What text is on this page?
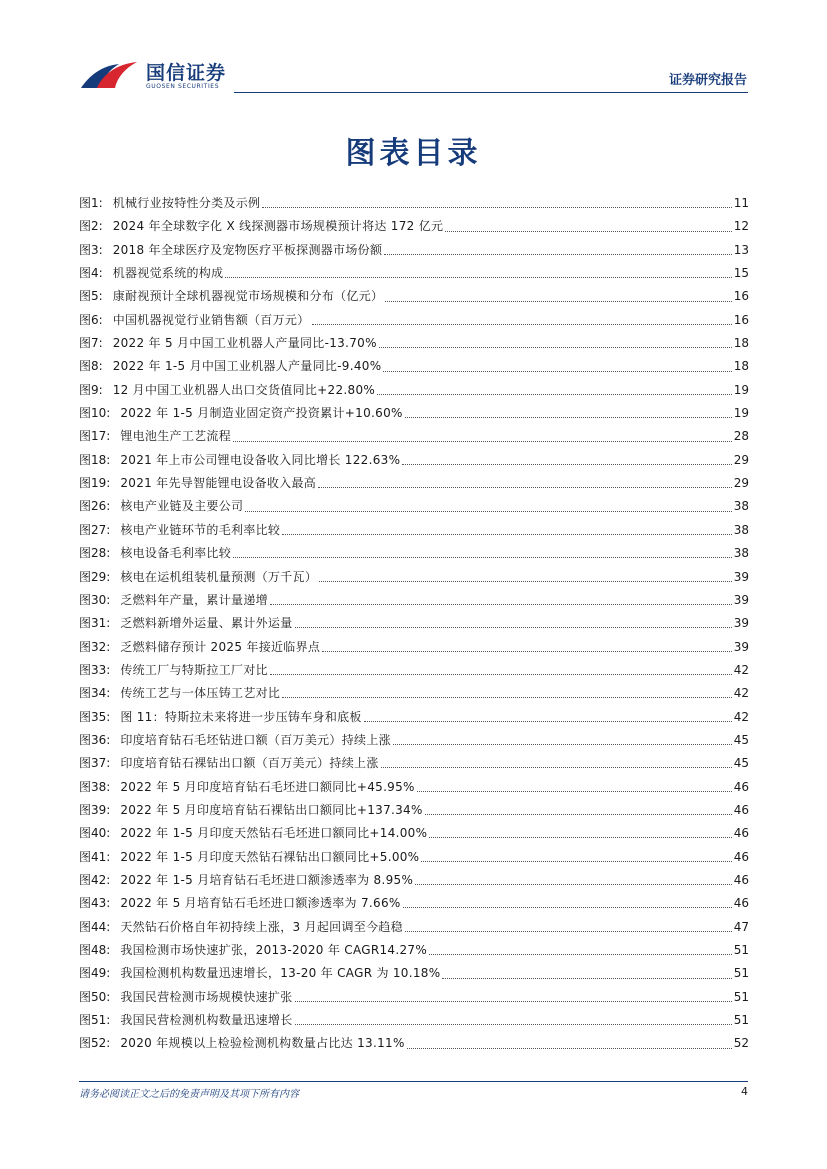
国信证券
GUOSEN SECURITIES	证券研究报告
图表目录
图1: 机械行业按特性分类及示例	11
图2: 2024 年全球数字化 X 线探测器市场规模预计将达 172 亿元	12
图3: 2018 年全球医疗及宠物医疗平板探测器市场份额	13
图4: 机器视觉系统的构成	15
图5: 康耐视预计全球机器视觉市场规模和分布（亿元）	16
图6: 中国机器视觉行业销售额（百万元）	16
图7: 2022 年 5 月中国工业机器人产量同比-13.70%	18
图8: 2022 年 1-5 月中国工业机器人产量同比-9.40%	18
图9: 12 月中国工业机器人出口交货值同比+22.80%	19
图10: 2022 年 1-5 月制造业固定资产投资累计+10.60%	19
图17: 锂电池生产工艺流程	28
图18: 2021 年上市公司锂电设备收入同比增长 122.63%	29
图19: 2021 年先导智能锂电设备收入最高	29
图26: 核电产业链及主要公司	38
图27: 核电产业链环节的毛利率比较	38
图28: 核电设备毛利率比较	38
图29: 核电在运机组装机量预测（万千瓦）	39
图30: 乏燃料年产量，累计量递增	39
图31: 乏燃料新增外运量、累计外运量	39
图32: 乏燃料储存预计 2025 年接近临界点	39
图33: 传统工厂与特斯拉工厂对比	42
图34: 传统工艺与一体压铸工艺对比	42
图35: 图 11：特斯拉未来将进一步压铸车身和底板	42
图36: 印度培育钻石毛坯钻进口额（百万美元）持续上涨	45
图37: 印度培育钻石裸钻出口额（百万美元）持续上涨	45
图38: 2022 年 5 月印度培育钻石毛坯进口额同比+45.95%	46
图39: 2022 年 5 月印度培育钻石裸钻出口额同比+137.34%	46
图40: 2022 年 1-5 月印度天然钻石毛坯进口额同比+14.00%	46
图41: 2022 年 1-5 月印度天然钻石裸钻出口额同比+5.00%	46
图42: 2022 年 1-5 月培育钻石毛坯进口额渗透率为 8.95%	46
图43: 2022 年 5 月培育钻石毛坯进口额渗透率为 7.66%	46
图44: 天然钻石价格自年初持续上涨，3 月起回调至今趋稳	47
图48: 我国检测市场快速扩张，2013-2020 年 CAGR14.27%	51
图49: 我国检测机构数量迅速增长，13-20 年 CAGR 为 10.18%	51
图50: 我国民营检测市场规模快速扩张	51
图51: 我国民营检测机构数量迅速增长	51
图52: 2020 年规模以上检验检测机构数量占比达 13.11%	52
请务必阅读正文之后的免责声明及其项下所有内容	4
